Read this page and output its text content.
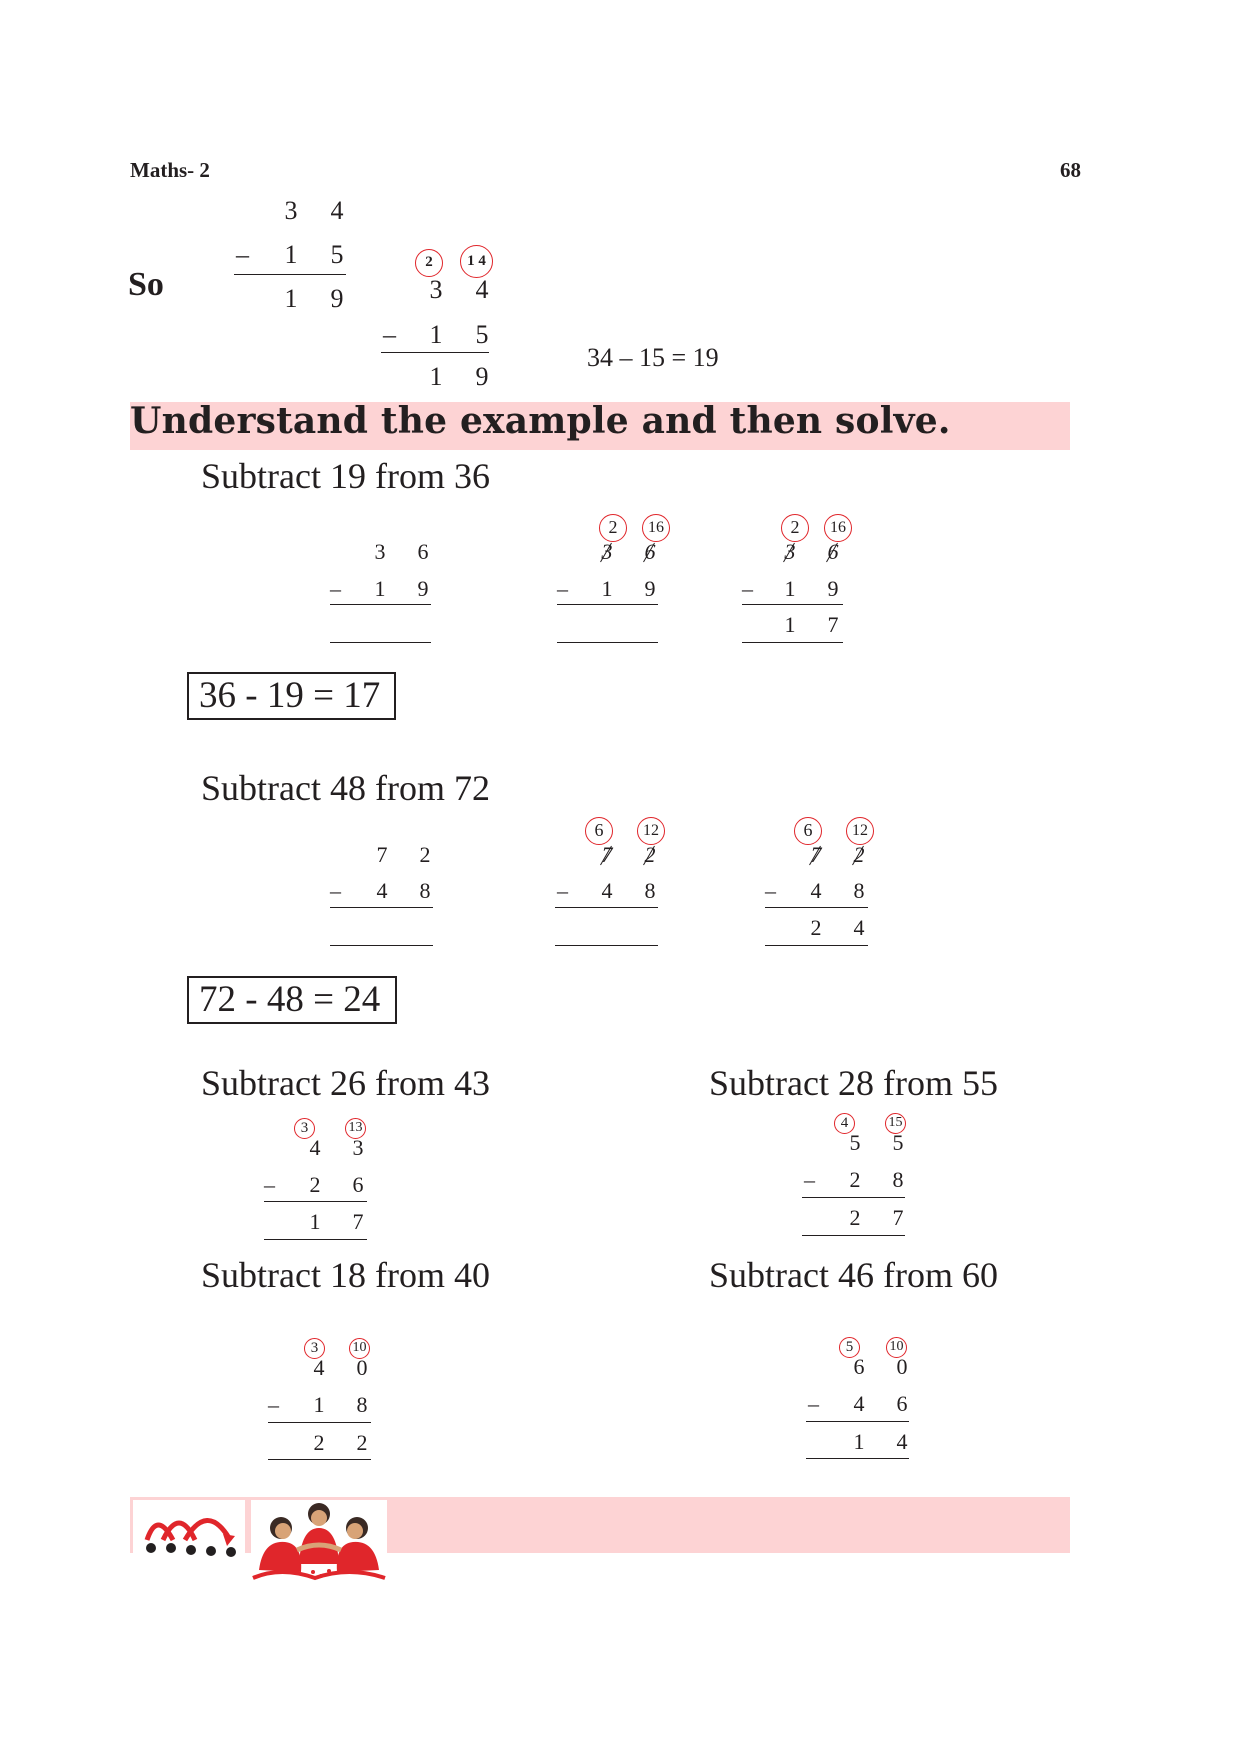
Maths- 2	68
So
3	4
–	1	5
1	9
2	1 4
3	4
–	1	5
1	9
34 – 15 = 19
Understand the example and then solve.
Subtract 19 from 36
3	6
–	1	9
2	16
3	6
–	1	9
2	16
3	6
–	1	9
1	7
36 - 19 = 17
Subtract 48 from 72
7	2
–	4	8
6	12
7	2
–	4	8
6	12
7	2
–	4	8
2	4
72 - 48 = 24
Subtract 26 from 43	Subtract 28 from 55
3	13
4	3
–	2	6
1	7
4	15
5	5
–	2	8
2	7
Subtract 18 from 40	Subtract 46 from 60
3	10
4	0
–	1	8
2	2
5	10
6	0
–	4	6
1	4
